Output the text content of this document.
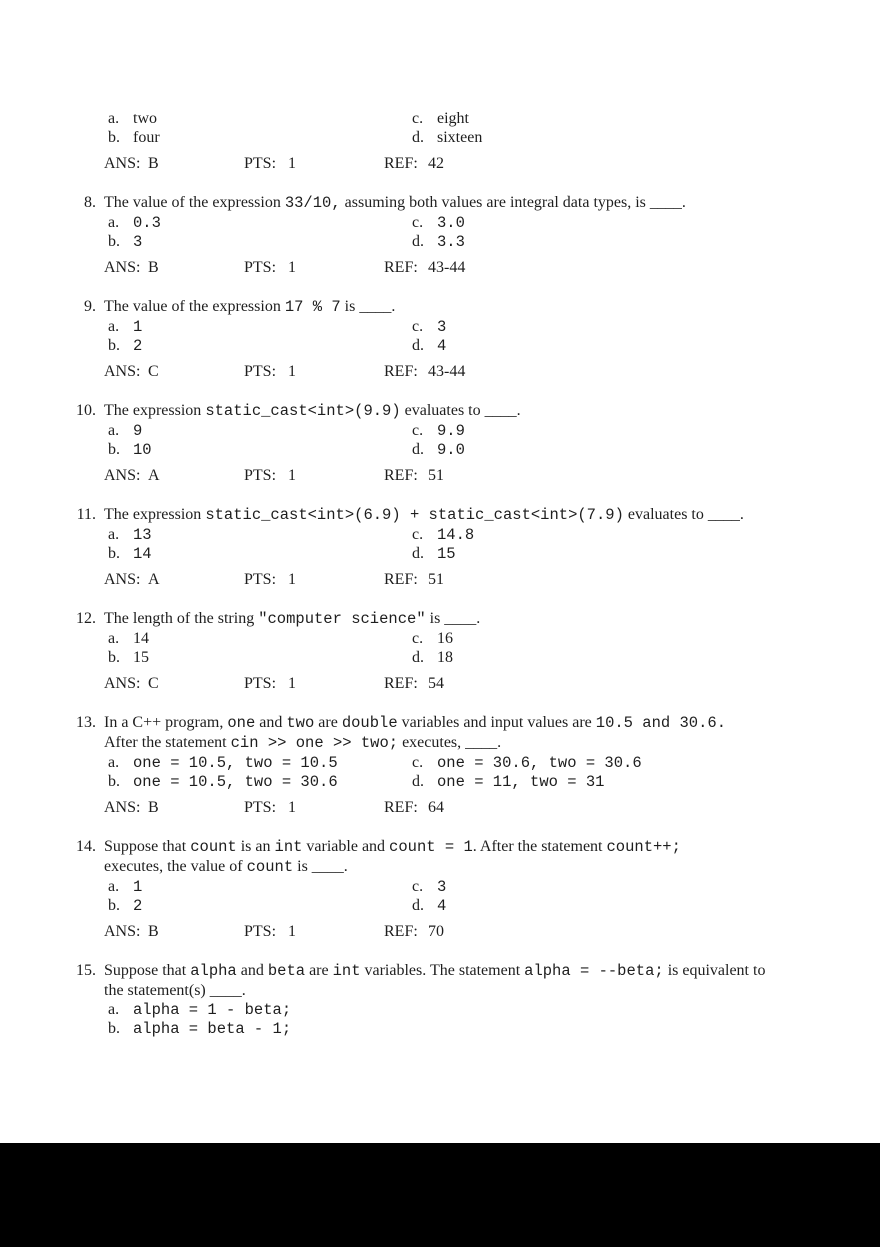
a. two
b. four
c. eight
d. sixteen
ANS: B	PTS: 1	REF: 42
8. The value of the expression 33/10, assuming both values are integral data types, is ____.
a. 0.3
b. 3
c. 3.0
d. 3.3
ANS: B	PTS: 1	REF: 43-44
9. The value of the expression 17 % 7 is ____.
a. 1
b. 2
c. 3
d. 4
ANS: C	PTS: 1	REF: 43-44
10. The expression static_cast<int>(9.9) evaluates to ____.
a. 9
b. 10
c. 9.9
d. 9.0
ANS: A	PTS: 1	REF: 51
11. The expression static_cast<int>(6.9) + static_cast<int>(7.9) evaluates to ____.
a. 13
b. 14
c. 14.8
d. 15
ANS: A	PTS: 1	REF: 51
12. The length of the string "computer science" is ____.
a. 14
b. 15
c. 16
d. 18
ANS: C	PTS: 1	REF: 54
13. In a C++ program, one and two are double variables and input values are 10.5 and 30.6.
After the statement cin >> one >> two; executes, ____.
a. one = 10.5, two = 10.5
b. one = 10.5, two = 30.6
c. one = 30.6, two = 30.6
d. one = 11, two = 31
ANS: B	PTS: 1	REF: 64
14. Suppose that count is an int variable and count = 1. After the statement count++;
executes, the value of count is ____.
a. 1
b. 2
c. 3
d. 4
ANS: B	PTS: 1	REF: 70
15. Suppose that alpha and beta are int variables. The statement alpha = --beta; is equivalent to
the statement(s) ____.
a. alpha = 1 - beta;
b. alpha = beta - 1;
